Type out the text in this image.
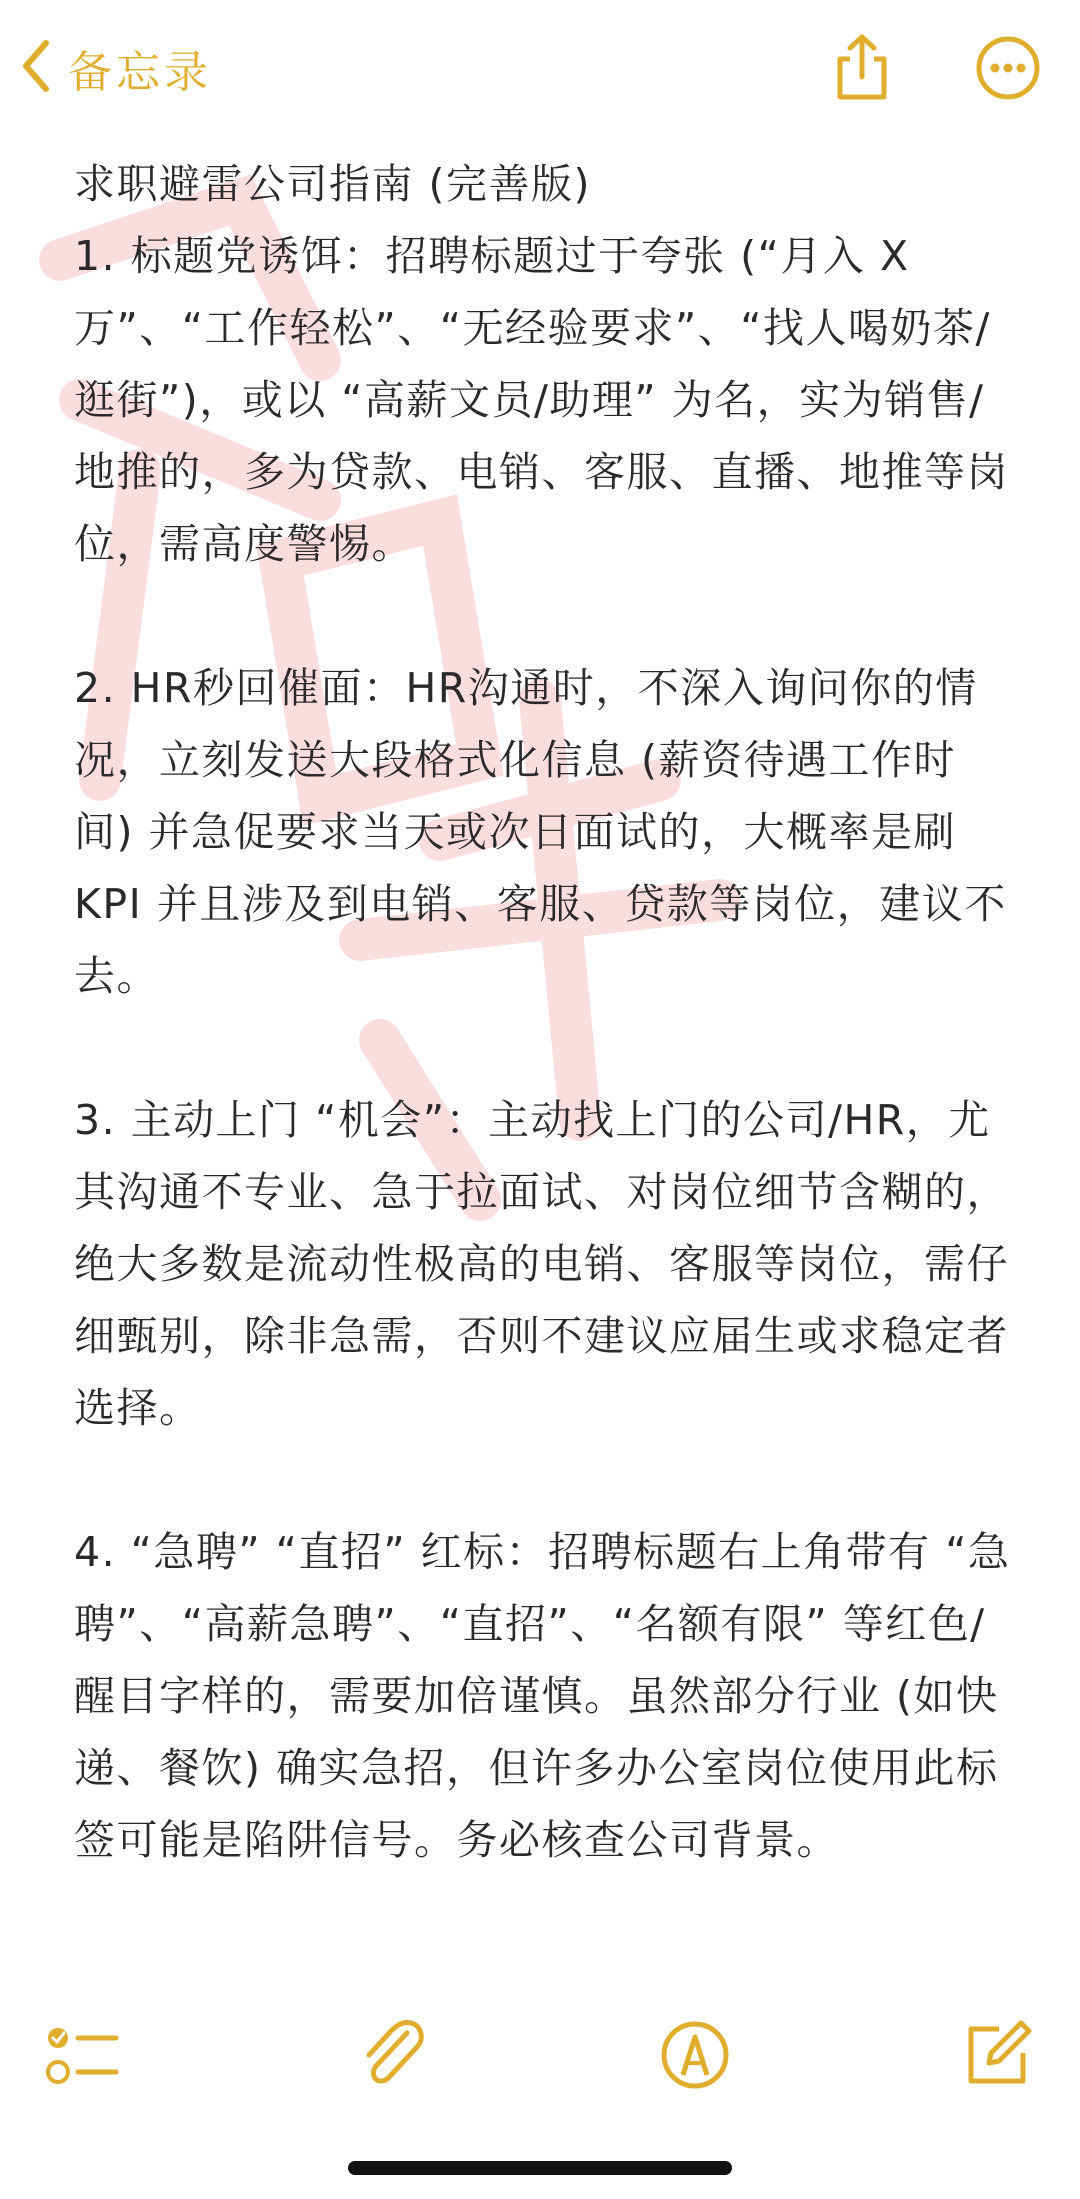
备忘录

求职避雷公司指南 (完善版)

1. 标题党诱饵：招聘标题过于夸张 (“月入 X 万”、“工作轻松”、“无经验要求”、“找人喝奶茶/逛街”)，或以 “高薪文员/助理” 为名，实为销售/地推的，多为贷款、电销、客服、直播、地推等岗位，需高度警惕。

2. HR秒回催面：HR沟通时，不深入询问你的情况，立刻发送大段格式化信息 (薪资待遇工作时间) 并急促要求当天或次日面试的，大概率是刷 KPI 并且涉及到电销、客服、贷款等岗位，建议不去。

3. 主动上门 “机会”：主动找上门的公司/HR，尤其沟通不专业、急于拉面试、对岗位细节含糊的，绝大多数是流动性极高的电销、客服等岗位，需仔细甄别，除非急需，否则不建议应届生或求稳定者选择。

4. “急聘” “直招” 红标：招聘标题右上角带有 “急聘”、“高薪急聘”、“直招”、“名额有限” 等红色/醒目字样的，需要加倍谨慎。虽然部分行业 (如快递、餐饮) 确实急招，但许多办公室岗位使用此标签可能是陷阱信号。务必核查公司背景。
